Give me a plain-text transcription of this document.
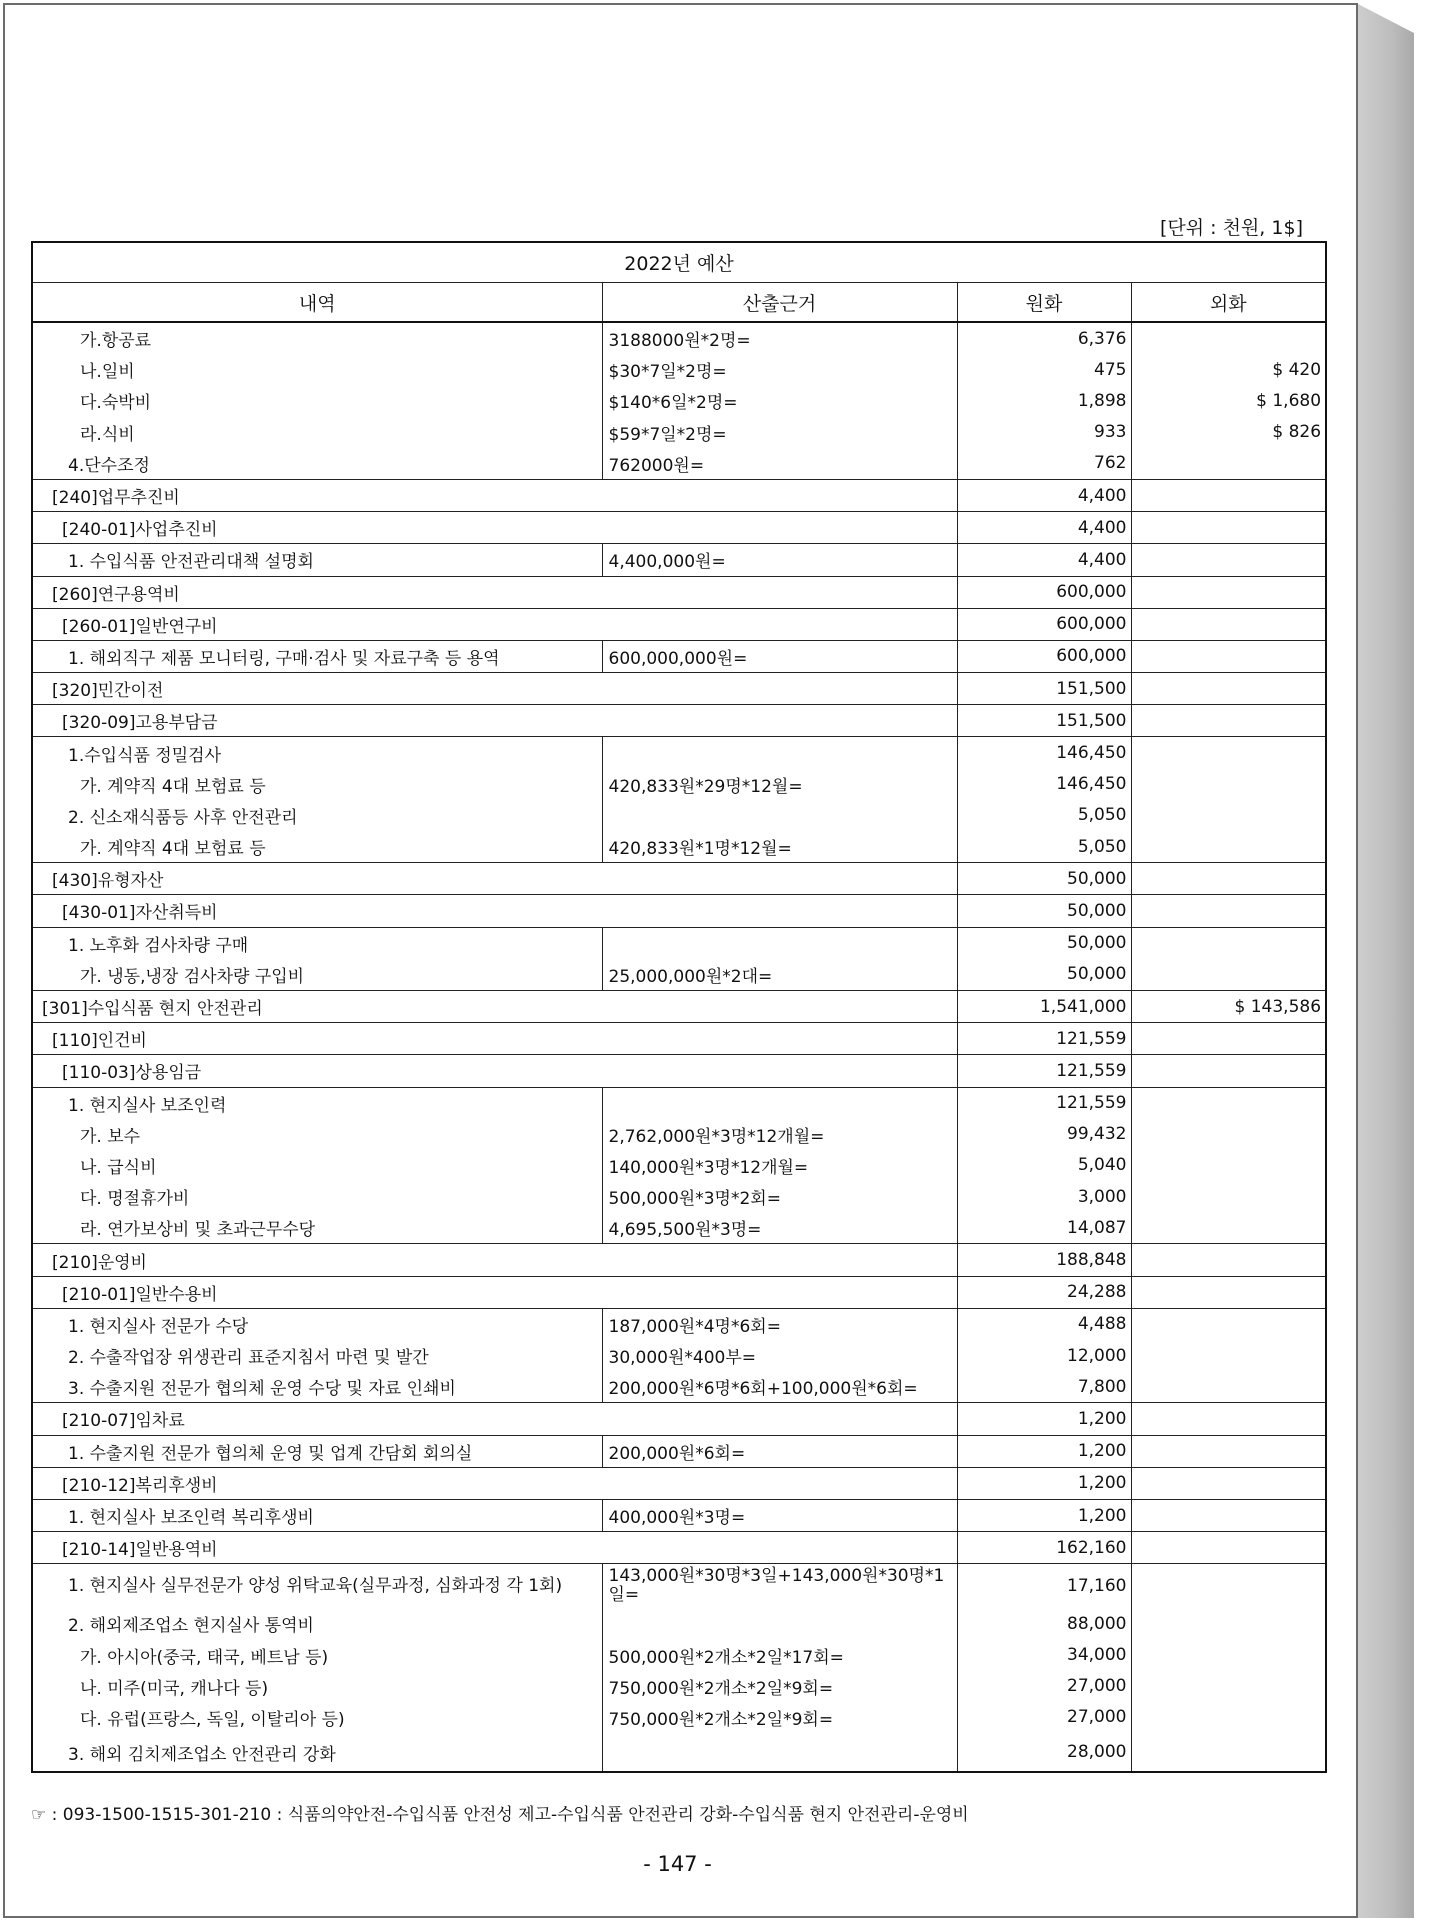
[단위 : 천원, 1$]
2022년 예산			
내역	산출근거	원화	외화
가.항공료	3188000원*2명=	6,376	
나.일비	$30*7일*2명=	475	$ 420
다.숙박비	$140*6일*2명=	1,898	$ 1,680
라.식비	$59*7일*2명=	933	$ 826
4.단수조정	762000원=	762	
[240]업무추진비		4,400	
[240-01]사업추진비		4,400	
1. 수입식품 안전관리대책 설명회	4,400,000원=	4,400	
[260]연구용역비		600,000	
[260-01]일반연구비		600,000	
1. 해외직구 제품 모니터링, 구매·검사 및 자료구축 등 용역	600,000,000원=	600,000	
[320]민간이전		151,500	
[320-09]고용부담금		151,500	
1.수입식품 정밀검사		146,450	
가. 계약직 4대 보험료 등	420,833원*29명*12월=	146,450	
2. 신소재식품등 사후 안전관리		5,050	
가. 계약직 4대 보험료 등	420,833원*1명*12월=	5,050	
[430]유형자산		50,000	
[430-01]자산취득비		50,000	
1. 노후화 검사차량 구매		50,000	
가. 냉동,냉장 검사차량 구입비	25,000,000원*2대=	50,000	
[301]수입식품 현지 안전관리		1,541,000	$ 143,586
[110]인건비		121,559	
[110-03]상용임금		121,559	
1. 현지실사 보조인력		121,559	
가. 보수	2,762,000원*3명*12개월=	99,432	
나. 급식비	140,000원*3명*12개월=	5,040	
다. 명절휴가비	500,000원*3명*2회=	3,000	
라. 연가보상비 및 초과근무수당	4,695,500원*3명=	14,087	
[210]운영비		188,848	
[210-01]일반수용비		24,288	
1. 현지실사 전문가 수당	187,000원*4명*6회=	4,488	
2. 수출작업장 위생관리 표준지침서 마련 및 발간	30,000원*400부=	12,000	
3. 수출지원 전문가 협의체 운영 수당 및 자료 인쇄비	200,000원*6명*6회+100,000원*6회=	7,800	
[210-07]임차료		1,200	
1. 수출지원 전문가 협의체 운영 및 업계 간담회 회의실	200,000원*6회=	1,200	
[210-12]복리후생비		1,200	
1. 현지실사 보조인력 복리후생비	400,000원*3명=	1,200	
[210-14]일반용역비		162,160	
1. 현지실사 실무전문가 양성 위탁교육(실무과정, 심화과정 각 1회)	143,000원*30명*3일+143,000원*30명*1일=	17,160	
2. 해외제조업소 현지실사 통역비		88,000	
가. 아시아(중국, 태국, 베트남 등)	500,000원*2개소*2일*17회=	34,000	
나. 미주(미국, 캐나다 등)	750,000원*2개소*2일*9회=	27,000	
다. 유럽(프랑스, 독일, 이탈리아 등)	750,000원*2개소*2일*9회=	27,000	
3. 해외 김치제조업소 안전관리 강화		28,000	
☞ : 093-1500-1515-301-210 : 식품의약안전-수입식품 안전성 제고-수입식품 안전관리 강화-수입식품 현지 안전관리-운영비
- 147 -
